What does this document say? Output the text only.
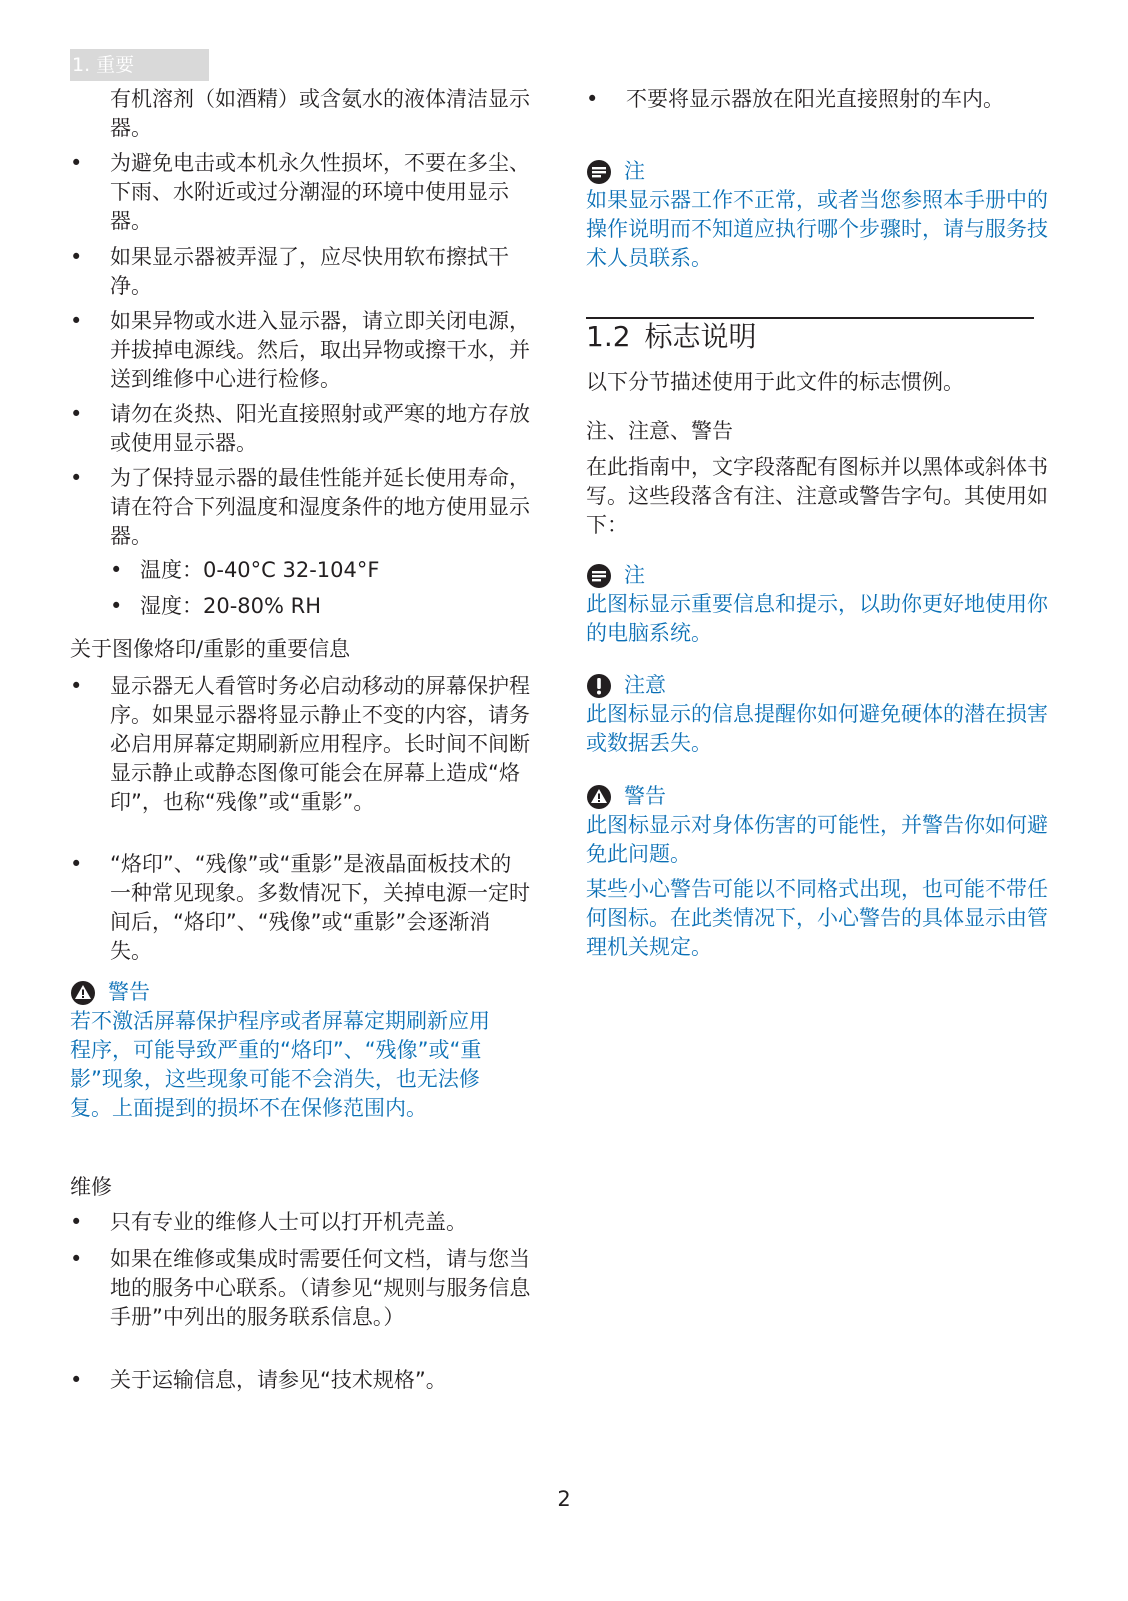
1. 重要
有机溶剂（如酒精）或含氨水的液体清洁显示器。
• 为避免电击或本机永久性损坏，不要在多尘、下雨、水附近或过分潮湿的环境中使用显示器。
• 如果显示器被弄湿了，应尽快用软布擦拭干净。
• 如果异物或水进入显示器，请立即关闭电源，并拔掉电源线。然后，取出异物或擦干水，并送到维修中心进行检修。
• 请勿在炎热、阳光直接照射或严寒的地方存放或使用显示器。
• 为了保持显示器的最佳性能并延长使用寿命，请在符合下列温度和湿度条件的地方使用显示器。
• 温度：0-40°C 32-104°F
• 湿度：20-80% RH
关于图像烙印/重影的重要信息
• 显示器无人看管时务必启动移动的屏幕保护程序。如果显示器将显示静止不变的内容，请务必启用屏幕定期刷新应用程序。长时间不间断显示静止或静态图像可能会在屏幕上造成“烙印”，也称“残像”或“重影”。
• “烙印”、“残像”或“重影”是液晶面板技术的一种常见现象。多数情况下，关掉电源一定时间后，“烙印”、“残像”或“重影”会逐渐消失。
警告
若不激活屏幕保护程序或者屏幕定期刷新应用程序，可能导致严重的“烙印”、“残像”或“重影”现象，这些现象可能不会消失，也无法修复。上面提到的损坏不在保修范围内。
维修
• 只有专业的维修人士可以打开机壳盖。
• 如果在维修或集成时需要任何文档，请与您当地的服务中心联系。（请参见“规则与服务信息手册”中列出的服务联系信息。）
• 关于运输信息，请参见“技术规格”。
• 不要将显示器放在阳光直接照射的车内。
注
如果显示器工作不正常，或者当您参照本手册中的操作说明而不知道应执行哪个步骤时，请与服务技术人员联系。
1.2 标志说明
以下分节描述使用于此文件的标志惯例。
注、注意、警告
在此指南中，文字段落配有图标并以黑体或斜体书写。这些段落含有注、注意或警告字句。其使用如下：
注
此图标显示重要信息和提示，以助你更好地使用你的电脑系统。
注意
此图标显示的信息提醒你如何避免硬体的潜在损害或数据丢失。
警告
此图标显示对身体伤害的可能性，并警告你如何避免此问题。
某些小心警告可能以不同格式出现，也可能不带任何图标。在此类情况下，小心警告的具体显示由管理机关规定。
2
